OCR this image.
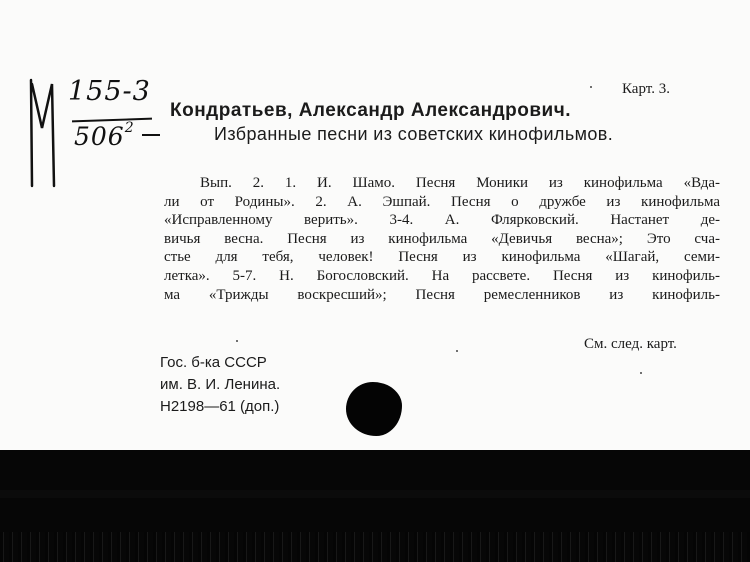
155-3
$506^2$
Карт. 3.
Кондратьев, Александр Александрович.
Избранные песни из советских кинофильмов.
Вып. 2. 1. И. Шамо. Песня Моники из кинофильма «Вда-
ли от Родины». 2. А. Эшпай. Песня о дружбе из кинофильма
«Исправленному верить». 3-4. А. Флярковский. Настанет де-
вичья весна. Песня из кинофильма «Девичья весна»; Это сча-
стье для тебя, человек! Песня из кинофильма «Шагай, семи-
летка». 5-7. Н. Богословский. На рассвете. Песня из кинофиль-
ма «Трижды воскресший»; Песня ремесленников из кинофиль-
См. след. карт.
Гос. б-ка СССР
им. В. И. Ленина.
Н2198—61 (доп.)
